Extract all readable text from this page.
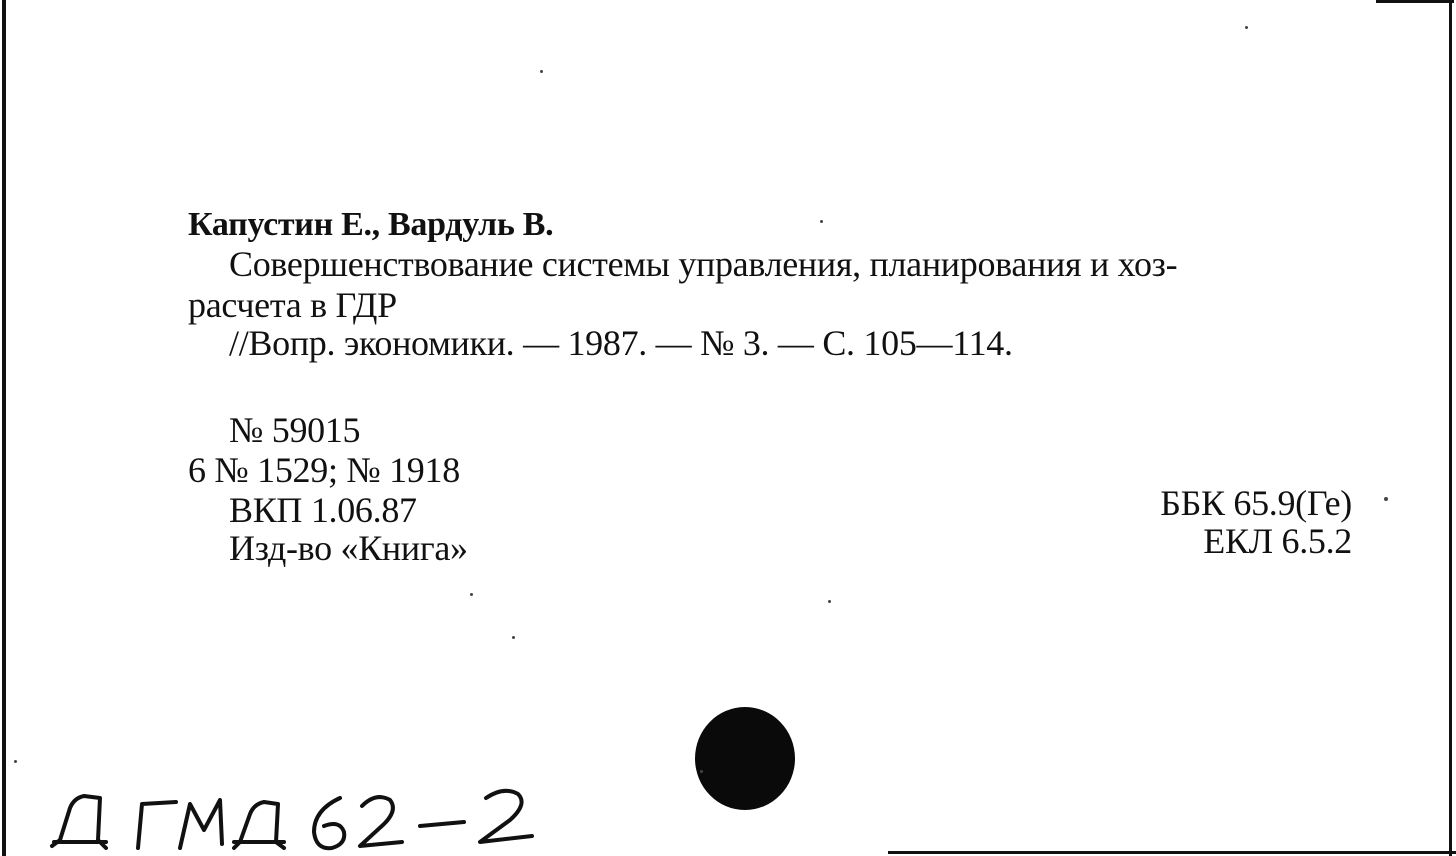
Капустин Е., Вардуль В.
Совершенствование системы управления, планирования и хоз-
расчета в ГДР
//Вопр. экономики. — 1987. — № 3. — С. 105—114.
№ 59015
6 № 1529; № 1918
ВКП 1.06.87
Изд-во «Книга»
ББК 65.9(Ге)
ЕКЛ 6.5.2
